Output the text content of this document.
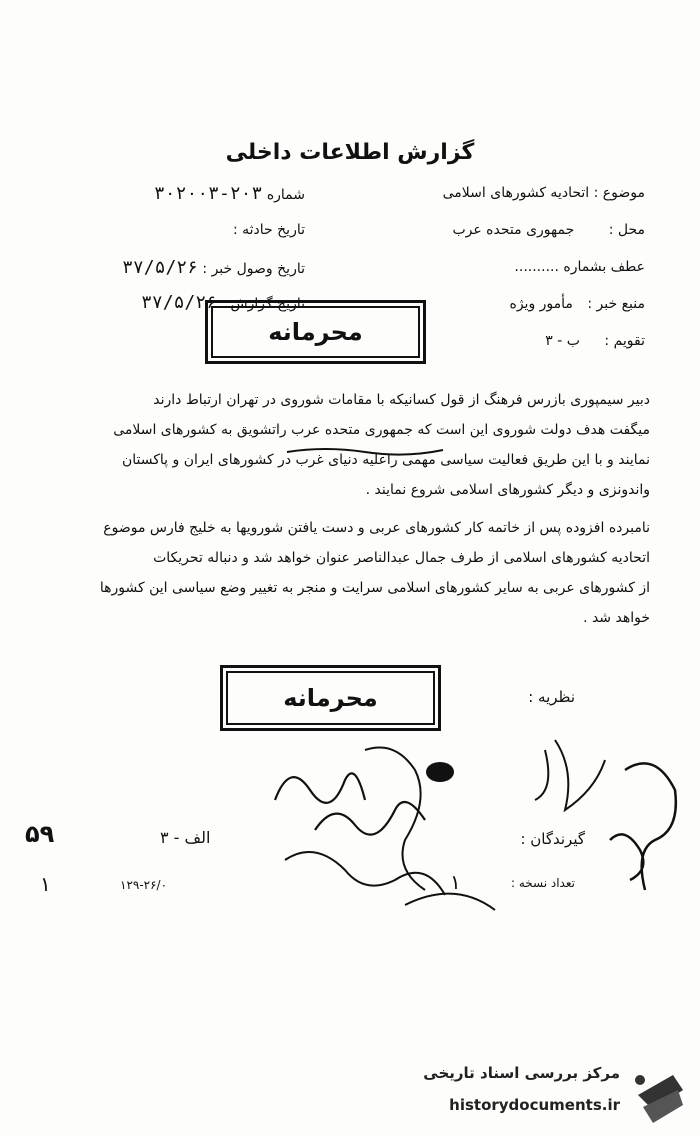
گزارش اطلاعات داخلی
موضوع : اتحادیه کشورهای اسلامی
شماره ۲۰۳-۳۰۲۰۰۳
محل : جمهوری متحده عرب
تاریخ حادثه :
عطف بشماره ..........
تاریخ وصول خبر : ۳۷/۵/۲۶
منبع خبر : مأمور ویژه
تاریخ گزارش : ۳۷/۵/۲۶
تقویم : ب - ۳
محرمانه
دبیر سیمپوری بازرس فرهنگ از قول کسانیکه با مقامات شوروی در تهران ارتباط دارند
میگفت هدف دولت شوروی این است که جمهوری متحده عرب راتشویق به کشورهای اسلامی
نمایند و با این طریق فعالیت سیاسی مهمی راعلیه دنیای غرب در کشورهای ایران و پاکستان
واندونزی و دیگر کشورهای اسلامی شروع نمایند .
نامبرده افزوده پس از خاتمه کار کشورهای عربی و دست یافتن شورویها به خلیج فارس موضوع
اتحادیه کشورهای اسلامی از طرف جمال عبدالناصر عنوان خواهد شد و دنباله تحریکات
از کشورهای عربی به سایر کشورهای اسلامی سرایت و منجر به تغییر وضع سیاسی این کشورها
خواهد شد .
نظریه :
محرمانه
گیرندگان :
تعداد نسخه :
۱
۵۹	الف - ۳
۱	۱۲۹-۲۶/۰
مرکز بررسی اسناد تاریخی
historydocuments.ir
